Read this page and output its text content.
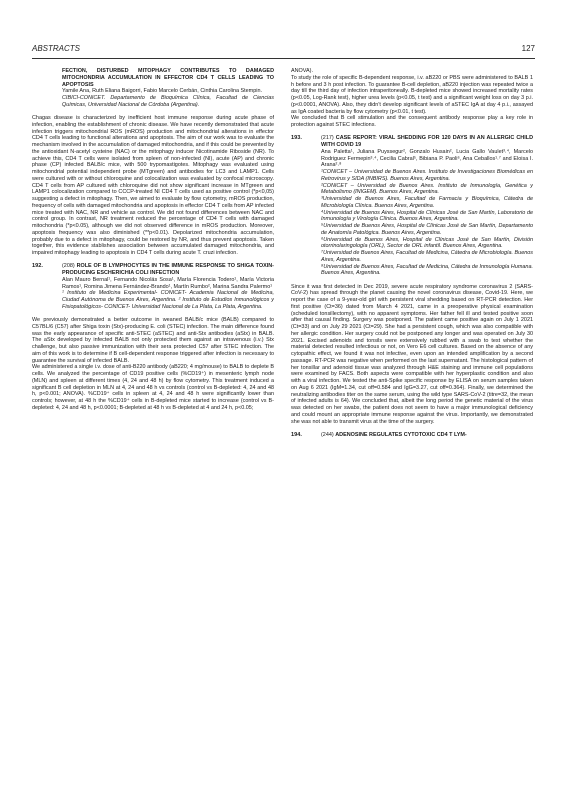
ABSTRACTS	127
FECTION, DISTURBED MITOPHAGY CONTRIBUTES TO DAMAGED MITOCHONDRIA ACCUMULATION IN EFFECTOR CD4 T CELLS LEADING TO APOPTOSIS
Yamile Ana, Ruth Eliana Baigorri, Fabio Marcelo Cerbán, Cinthia Carolina Stempin.
CIBICI-CONICET. Departamento de Bioquímica Clínica, Facultad de Ciencias Químicas, Universidad Nacional de Córdoba (Argentina).

Chagas disease is characterized by inefficient host immune response during acute phase of infection, enabling the establishment of chronic disease. We have recently demonstrated that acute infection triggers mitochondrial ROS (mROS) production and mitochondrial alterations in effector CD4 T cells leading to functional alterations and apoptosis. The aim of our work was to evaluate the mechanism involved in the accumulation of damaged mitochondria, and if this could be prevented by the antioxidant N-acetyl cysteine (NAC) or the mitophagy inducer Nicotinamide Riboside (NR). To achieve this, CD4 T cells were isolated from spleen of non-infected (NI), acute (AP) and chronic phase (CP) infected BALB/c mice, with 500 trypomastigotes. Mitophagy was evaluated using mitochondrial potential independent probe (MTgreen) and antibodies for LC3 and LAMP1. Cells were cultured with or without chloroquine and colocalization was evaluated by confocal microscopy. CD4 T cells from AP cultured with chloroquine did not show significant increase in MTgreen and LAMP1 colocalization compared to CCCP-treated NI CD4 T cells used as positive control (*p<0,05) suggesting a defect in mitophagy. Then, we aimed to evaluate by flow cytometry, mROS production, frequency of cells with damaged mitochondria and apoptosis in effector CD4 T cells from AP infected mice treated with NAC, NR and vehicle as control. We did not found differences between NAC and control group. In contrast, NR treatment reduced the percentage of CD4 T cells with damaged mitochondria (*p<0.05), although we did not observed difference in mROS production. Moreover, apoptosis frequency was also diminished (**p<0.01). Depolarized mitochondria accumulation, probably due to a defect in mitophagy, could be restored by NR, and thus prevent apoptosis. Taken together, this evidence stablishes association between accumulated damaged mitochondria, and impaired mitophagy leading to apoptosis in CD4 T cells during acute T. cruzi infection.

192.	(208) ROLE OF B LYMPHOCYTES IN THE IMMUNE RESPONSE TO SHIGA TOXIN- PRODUCING ESCHERICHIA COLI INFECTION
Alan Mauro Bernal¹, Fernando Nicolás Sosa¹, María Florencia Todero¹, María Victoria Ramos¹, Romina Jimena Fernández-Brando¹, Martín Rumbo², Marina Sandra Palermo¹
¹ Instituto de Medicina Experimental- CONICET- Academia Nacional de Medicina, Ciudad Autónoma de Buenos Aires, Argentina. ² Instituto de Estudios Inmunológicos y Fisiopatológicos- CONICET- Universidad Nacional de La Plata, La Plata, Argentina.

We previously demonstrated a better outcome in weaned BALB/c mice (BALB) compared to C57BL/6 (C57) after Shiga toxin (Stx)-producing E. coli (STEC) infection. The main difference found was the early appearance of specific anti-STEC (aSTEC) and anti-Stx antibodies (aStx) in BALB. The aStx developed by infected BALB not only protected them against an intravenous (i.v.) Stx challenge, but also passive immunization with their sera protected C57 after STEC infection. The aim of this work is to determine if B cell-dependent response triggered after infection is necessary to guarantee the survival of infected BALB.

We administered a single i.v. dose of anti-B220 antibody (aB220; 4 mg/mouse) to BALB to deplete B cells. We analyzed the percentage of CD19 positive cells (%CD19⁺) in mesenteric lymph node (MLN) and spleen at different times (4, 24 and 48 h) by flow cytometry. This treatment induced a significant B cell depletion in MLN at 4, 24 and 48 h vs controls (control vs B-depleted: 4, 24 and 48 h, p<0.001; ANOVA). %CD19⁺ cells in spleen at 4, 24 and 48 h were significantly lower than controls; however, at 48 h the %CD19⁺ cells in B-depleted mice started to increase (control vs B-depleted: 4, 24 and 48 h, p<0.0001; B-depleted at 48 h vs B-depleted at 4 and 24 h, p<0.05;

ANOVA).
To study the role of specific B-dependent response, i.v. aB220 or PBS were administered to BALB 1 h before and 3 h post infection. To guarantee B-cell depletion, aB220 injection was repeated twice a day till the third day of infection intraperitoneally. B-depleted mice showed increased mortality rates (p<0.05, Log-Rank test), higher urea levels (p<0.05, t test) and a significant weight loss on day 3 p.i. (p<0.0001, ANOVA). Also, they didn't develop significant levels of aSTEC IgA at day 4 p.i., assayed as IgA coated bacteria by flow cytometry (p<0.01, t test).
We concluded that B cell stimulation and the consequent antibody response play a key role in protection against STEC infections.

193.	(217) CASE REPORT: VIRAL SHEDDING FOR 120 DAYS IN AN ALLERGIC CHILD WITH COVID 19
Ana Paletta¹, Juliana Puyssegur², Gonzalo Husain², Lucia Gallo Vaulet³˒⁴, Marcelo Rodriguez Fermepin³˒⁴, Cecilia Cabral⁵, Bibiana P. Paoli⁶, Ana Ceballos¹˒⁷ and Eloisa I. Arana²˒⁸
¹CONICET – Universidad de Buenos Aires. Instituto de Investigaciones Biomédicas en Retrovirus y SIDA (INBIRS). Buenos Aires, Argentina.
²CONICET – Universidad de Buenos Aires. Instituto de Inmunología, Genética y Metabolismo (INIGEM). Buenos Aires, Argentina.
³Universidad de Buenos Aires, Facultad de Farmacia y Bioquímica, Cátedra de Microbiología Clínica. Buenos Aires, Argentina.
⁴Universidad de Buenos Aires, Hospital de Clínicas José de San Martín, Laboratorio de Inmunología y Virología Clínica. Buenos Aires, Argentina.
⁵Universidad de Buenos Aires, Hospital de Clínicas José de San Martín, Departamento de Anatomía Patológica. Buenos Aires, Argentina.
⁶Universidad de Buenos Aires, Hospital de Clínicas José de San Martín, División otorrinolaringología (ORL), Sector de ORL infantil. Buenos Aires, Argentina.
⁷Universidad de Buenos Aires, Facultad de Medicina, Cátedra de Microbiología. Buenos Aires, Argentina.
⁸Universidad de Buenos Aires, Facultad de Medicina, Cátedra de Inmunología Humana. Buenos Aires, Argentina.

Since it was first detected in Dec 2019, severe acute respiratory syndrome coronavirus 2 (SARS-CoV-2) has spread through the planet causing the novel coronavirus disease, Covid-19. Here, we report the case of a 9-year-old girl with persistent viral shedding based on RT-PCR detection. Her first positive (Ct=36) dated from March 4 2021, came in a preoperative physical examination (scheduled tonsillectomy), with no apparent symptoms. Her father fell ill and tested positive soon after that causal finding. Surgery was postponed. The patient came positive again on July 1 2021 (Ct=33) and on July 29 2021 (Ct=29). She had a persistent cough, which was also compatible with her allergic condition. Her surgery could not be postponed any longer and was operated on July 30 2021. Excised adenoids and tonsils were extensively rubbed with a swab to test whether the material detected resulted infectious or not, on Vero E6 cell cultures. Based on the absence of any cytopathic effect, we found it was not infective, even upon an intended amplification by a second passage. RT-PCR was negative when performed on the last supernatant. The histological pattern of her tonsillar and adenoid tissue was analyzed through H&E staining and immune cell populations were examined by FACS. Both aspects were compatible with her hyperplastic condition and also with a viral infection. We tested the anti-Spike specific response by ELISA on serum samples taken on Aug 6 2021 (IgM=1.34, cut off=0.584 and IgG=3.27, cut off=0.364). Finally, we determined the neutralizing antibodies titer on the same serum, using the wild type SARS-CoV-2 (titre=32, the mean of infected adults is 64). We concluded that, albeit the long period the genetic material of the virus was detected on her swabs, the patient does not seem to have a major immunological deficiency and could mount an appropriate immune response against the virus. Importantly, we demonstrated she was not able to transmit virus at the time of the surgery.

194.	(244) ADENOSINE REGULATES CYTOTOXIC CD4 T LYM-
